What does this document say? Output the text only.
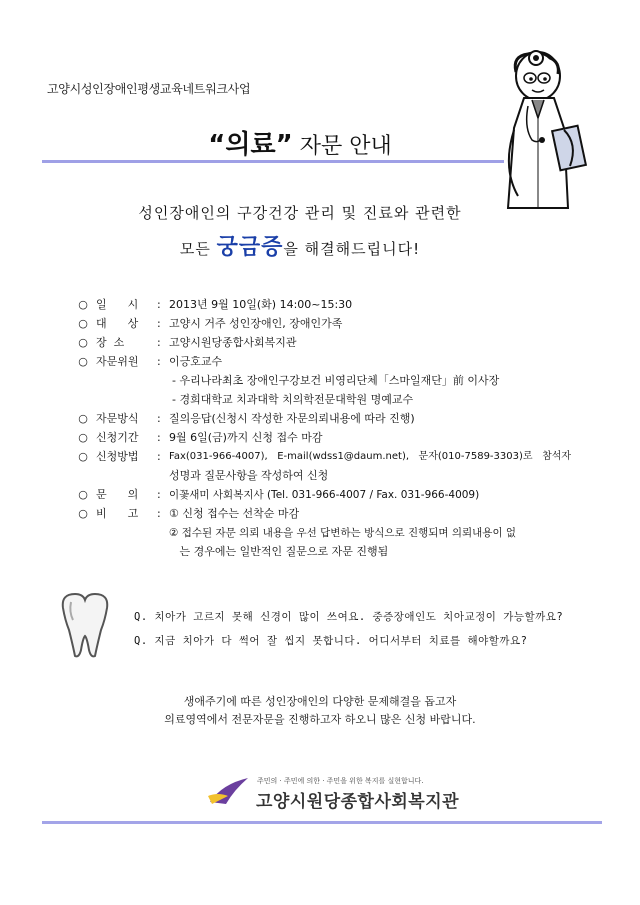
고양시성인장애인평생교육네트워크사업
“의료” 자문 안내
성인장애인의 구강건강 관리 및 진료와 관련한
모든 궁금증을 해결해드립니다!
○ 일      시 : 2013년 9월 10일(화) 14:00~15:30
○ 대      상 : 고양시 거주 성인장애인, 장애인가족
○ 장  소	: 고양시원당종합사회복지관
○ 자문위원 : 이긍호교수
- 우리나라최초 장애인구강보건 비영리단체「스마일재단」前 이사장
- 경희대학교 치과대학 치의학전문대학원 명예교수
○ 자문방식 : 질의응답(신청시 작성한 자문의뢰내용에 따라 진행)
○ 신청기간 : 9월 6일(금)까지 신청 접수 마감
○ 신청방법 : Fax(031-966-4007),   E-mail(wdss1@daum.net),   문자(010-7589-3303)로   참석자
성명과 질문사항을 작성하여 신청
○ 문      의 : 이꽃새미 사회복지사 (Tel. 031-966-4007 / Fax. 031-966-4009)
○ 비      고 : ① 신청 접수는 선착순 마감
② 접수된 자문 의뢰 내용을 우선 답변하는 방식으로 진행되며 의뢰내용이 없
는 경우에는 일반적인 질문으로 자문 진행됨
Q. 치아가 고르지 못해 신경이 많이 쓰여요. 중증장애인도 치아교정이 가능할까요?
Q. 지금 치아가 다 썩어 잘 씹지 못합니다. 어디서부터 치료를 해야할까요?
생애주기에 따른 성인장애인의 다양한 문제해결을 돕고자
의료영역에서 전문자문을 진행하고자 하오니 많은 신청 바랍니다.
주민의 · 주민에 의한 · 주민을 위한 복지를 실현합니다.
고양시원당종합사회복지관
